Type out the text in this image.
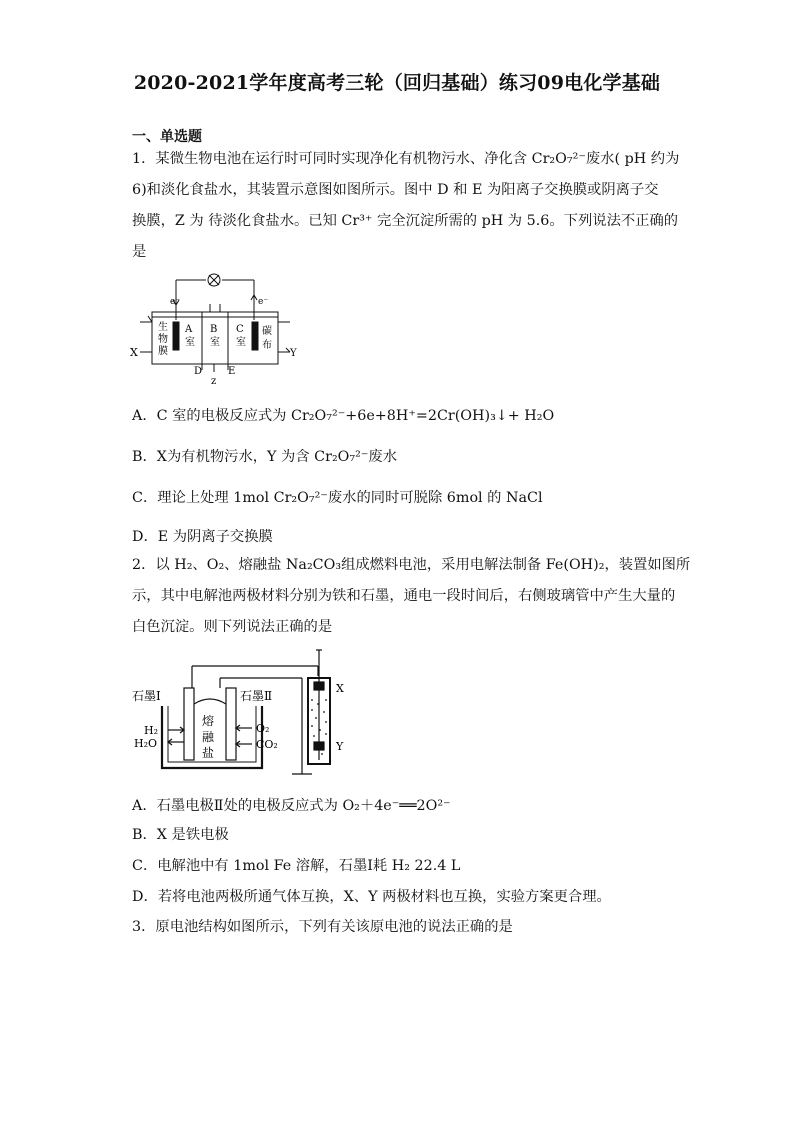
2020-2021学年度高考三轮（回归基础）练习09电化学基础
一、单选题
1．某微生物电池在运行时可同时实现净化有机物污水、净化含 Cr₂O₇²⁻废水( pH 约为
6)和淡化食盐水，其装置示意图如图所示。图中 D 和 E 为阳离子交换膜或阴离子交
换膜，Z 为 待淡化食盐水。已知 Cr³⁺ 完全沉淀所需的 pH 为 5.6。下列说法不正确的
是
e⁻	e⁻
生
物
膜
A
室
B
室
C
室
碳
布
X	Y
D	E
z
A．C 室的电极反应式为 Cr₂O₇²⁻+6e+8H⁺=2Cr(OH)₃↓+ H₂O
B．X为有机物污水，Y 为含 Cr₂O₇²⁻废水
C．理论上处理 1mol Cr₂O₇²⁻废水的同时可脱除 6mol 的 NaCl
D．E 为阴离子交换膜
2．以 H₂、O₂、熔融盐 Na₂CO₃组成燃料电池，采用电解法制备 Fe(OH)₂，装置如图所
示，其中电解池两极材料分别为铁和石墨，通电一段时间后，右侧玻璃管中产生大量的
白色沉淀。则下列说法正确的是
石墨Ⅰ	石墨Ⅱ
H₂
H₂O
O₂
CO₂
熔
融
盐
X
Y
A．石墨电极Ⅱ处的电极反应式为 O₂＋4e⁻══2O²⁻
B．X 是铁电极
C．电解池中有 1mol Fe 溶解，石墨Ⅰ耗 H₂ 22.4 L
D．若将电池两极所通气体互换，X、Y 两极材料也互换，实验方案更合理。
3．原电池结构如图所示，下列有关该原电池的说法正确的是
